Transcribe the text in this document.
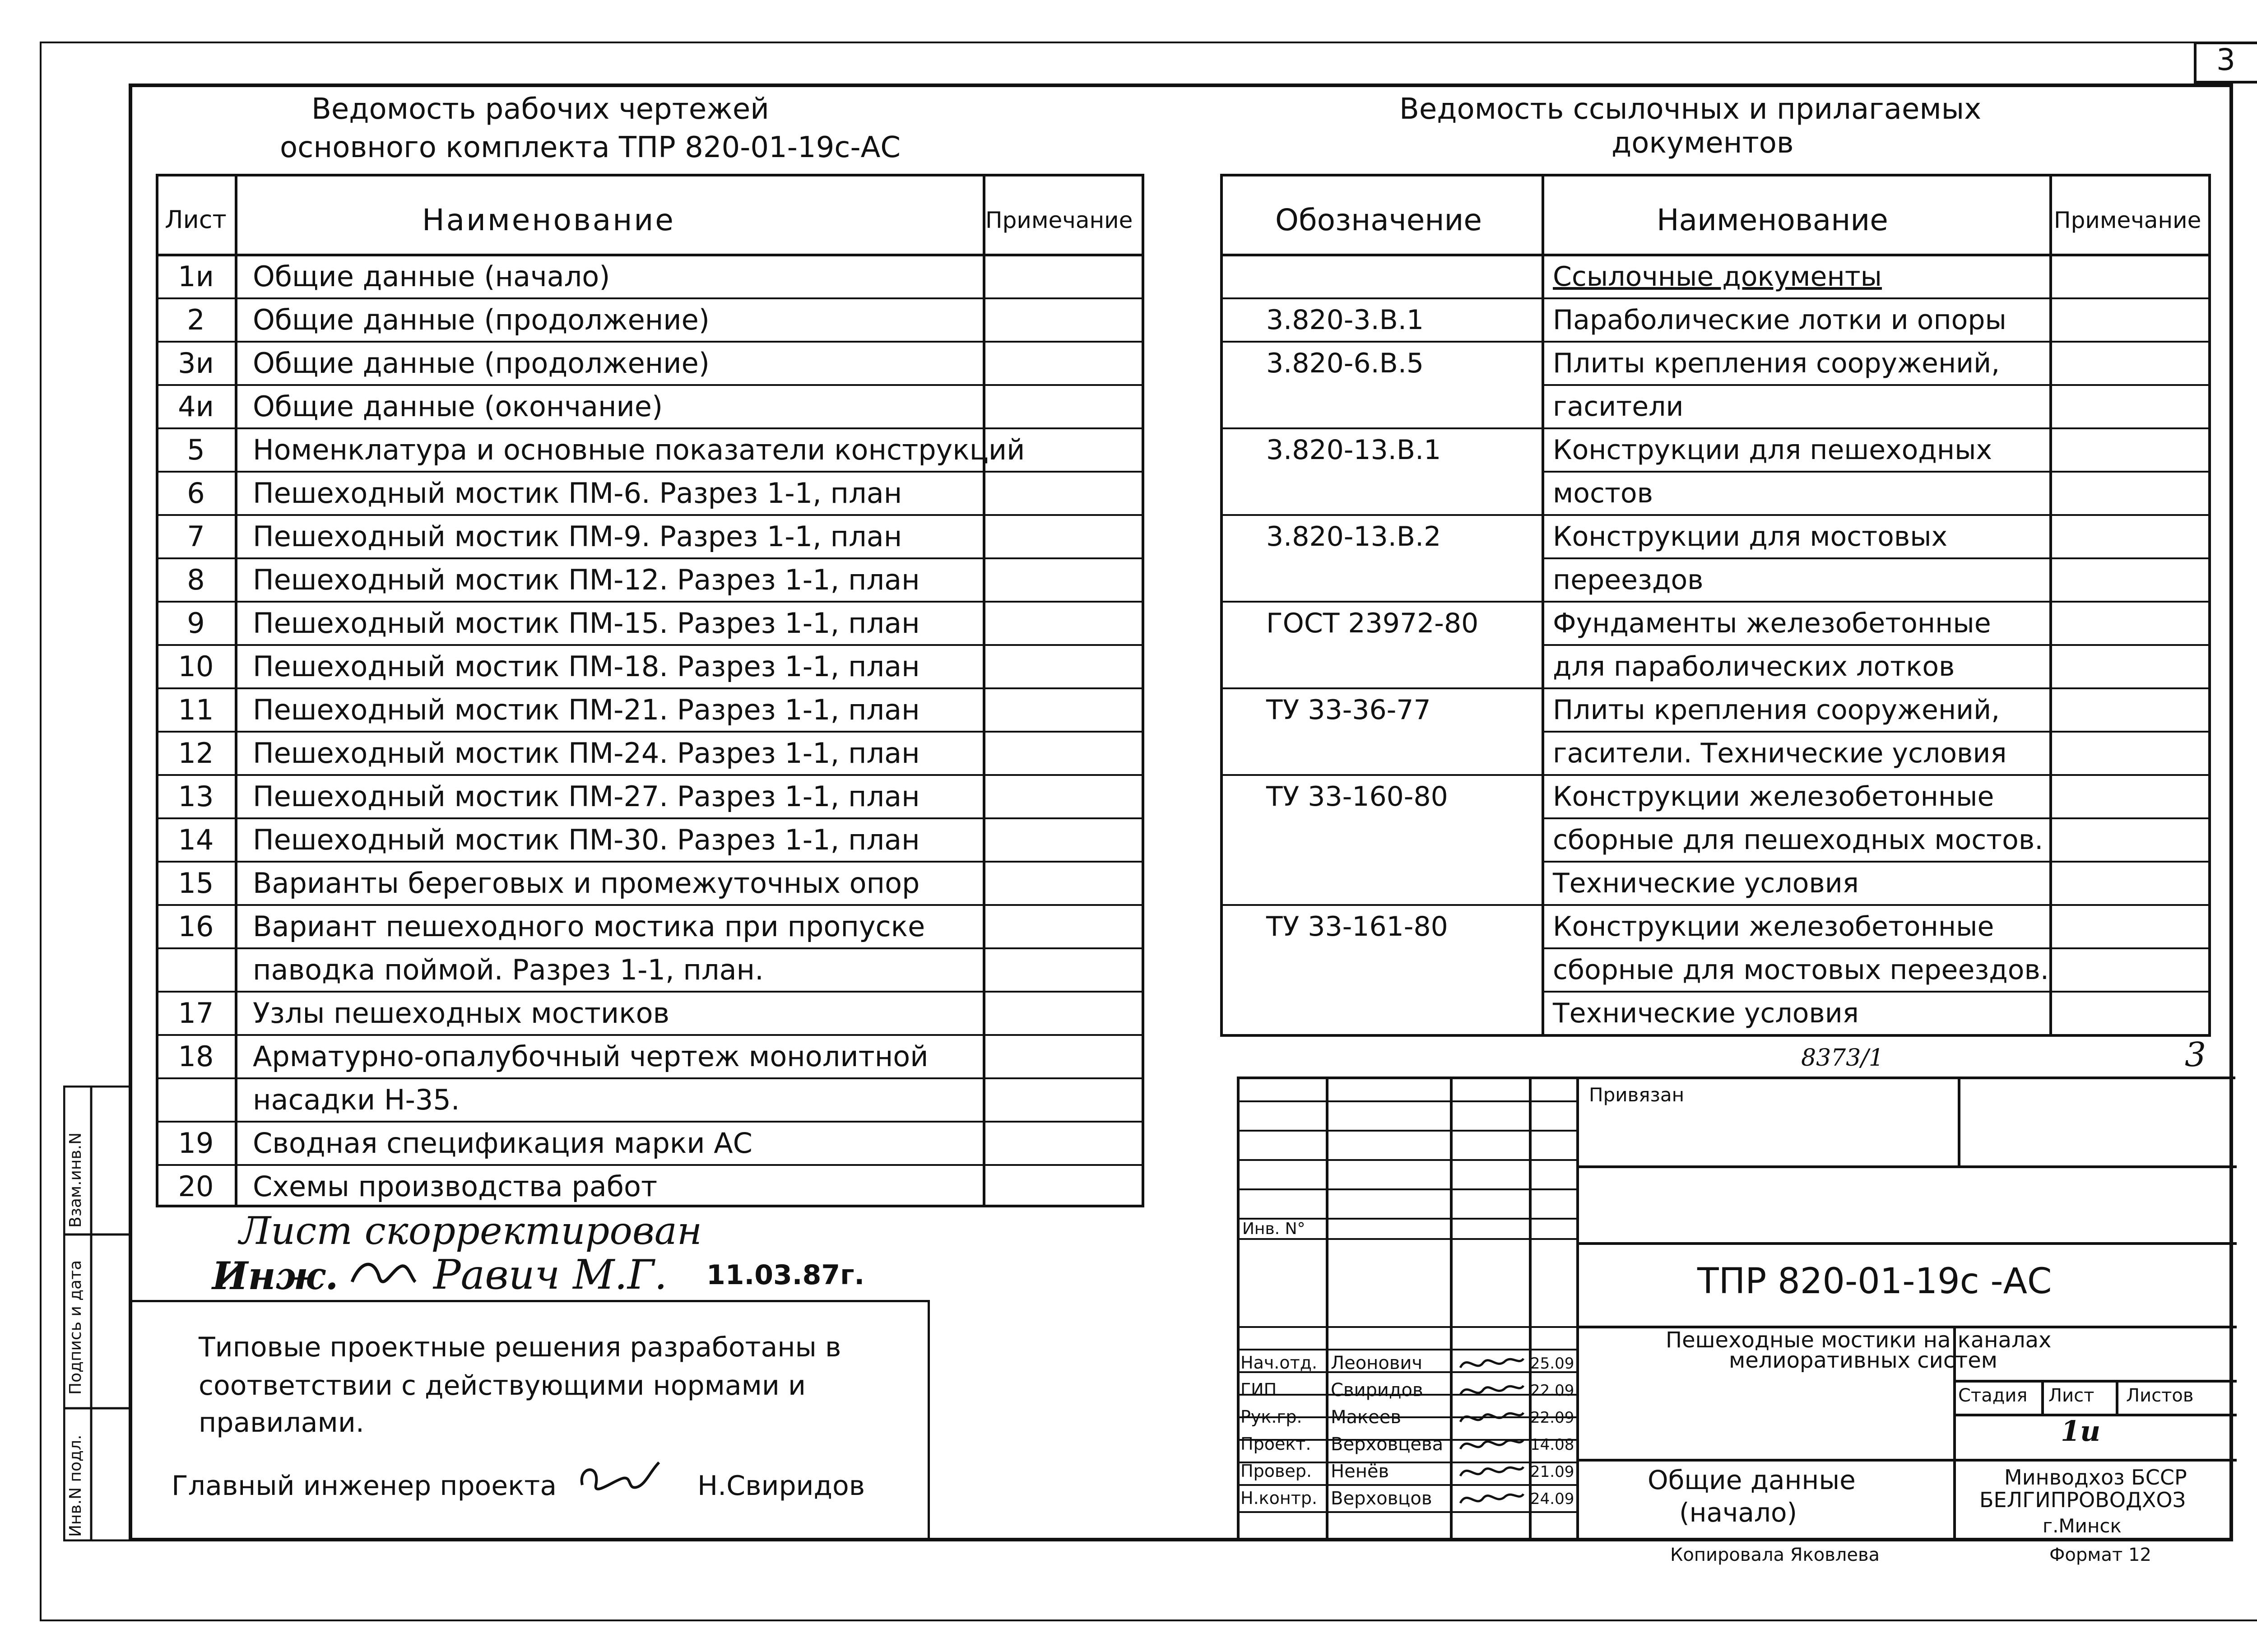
3
Ведомость рабочих чертежей
основного комплекта ТПР 820-01-19с-АС
Ведомость ссылочных и прилагаемых
документов
Лист	Наименование	Примечание
1и	Общие данные (начало)
2	Общие данные (продолжение)
3и	Общие данные (продолжение)
4и	Общие данные (окончание)
5	Номенклатура и основные показатели конструкций
6	Пешеходный мостик ПМ-6. Разрез 1-1, план
7	Пешеходный мостик ПМ-9. Разрез 1-1, план
8	Пешеходный мостик ПМ-12. Разрез 1-1, план
9	Пешеходный мостик ПМ-15. Разрез 1-1, план
10	Пешеходный мостик ПМ-18. Разрез 1-1, план
11	Пешеходный мостик ПМ-21. Разрез 1-1, план
12	Пешеходный мостик ПМ-24. Разрез 1-1, план
13	Пешеходный мостик ПМ-27. Разрез 1-1, план
14	Пешеходный мостик ПМ-30. Разрез 1-1, план
15	Варианты береговых и промежуточных опор
16	Вариант пешеходного мостика при пропуске
паводка поймой. Разрез 1-1, план.
17	Узлы пешеходных мостиков
18	Арматурно-опалубочный чертеж монолитной
насадки Н-35.
19	Сводная спецификация марки АС
20	Схемы производства работ
Обозначение	Наименование	Примечание
Ссылочные документы
3.820-3.В.1	Параболические лотки и опоры
3.820-6.В.5	Плиты крепления сооружений,
гасители
3.820-13.В.1	Конструкции для пешеходных
мостов
3.820-13.В.2	Конструкции для мостовых
переездов
ГОСТ 23972-80	Фундаменты железобетонные
для параболических лотков
ТУ 33-36-77	Плиты крепления сооружений,
гасители. Технические условия
ТУ 33-160-80	Конструкции железобетонные
сборные для пешеходных мостов.
Технические условия
ТУ 33-161-80	Конструкции железобетонные
сборные для мостовых переездов.
Технические условия
Лист скорректирован
Инж. Равич М.Г. 11.03.87г.
Типовые проектные решения разработаны в
соответствии с действующими нормами и
правилами.
Главный инженер проекта	Н.Свиридов
Взам.инв.N
Подпись и дата
Инв.N подл.
8373/1	3
Привязан
Инв. N°
ТПР 820-01-19с -АС
Пешеходные мостики на каналах
мелиоративных систем
Стадия Лист Листов
1и
Общие данные
(начало)
Минводхоз БССР
БЕЛГИПРОВОДХОЗ
г.Минск
Нач.отд. Леонович	25.09
ГИП	Свиридов	22.09
Рук.гр. Макеев	22.09
Проект. Верховцева	14.08
Провер. Ненёв	21.09
Н.контр. Верховцов	24.09
Копировала Яковлева	Формат 12
